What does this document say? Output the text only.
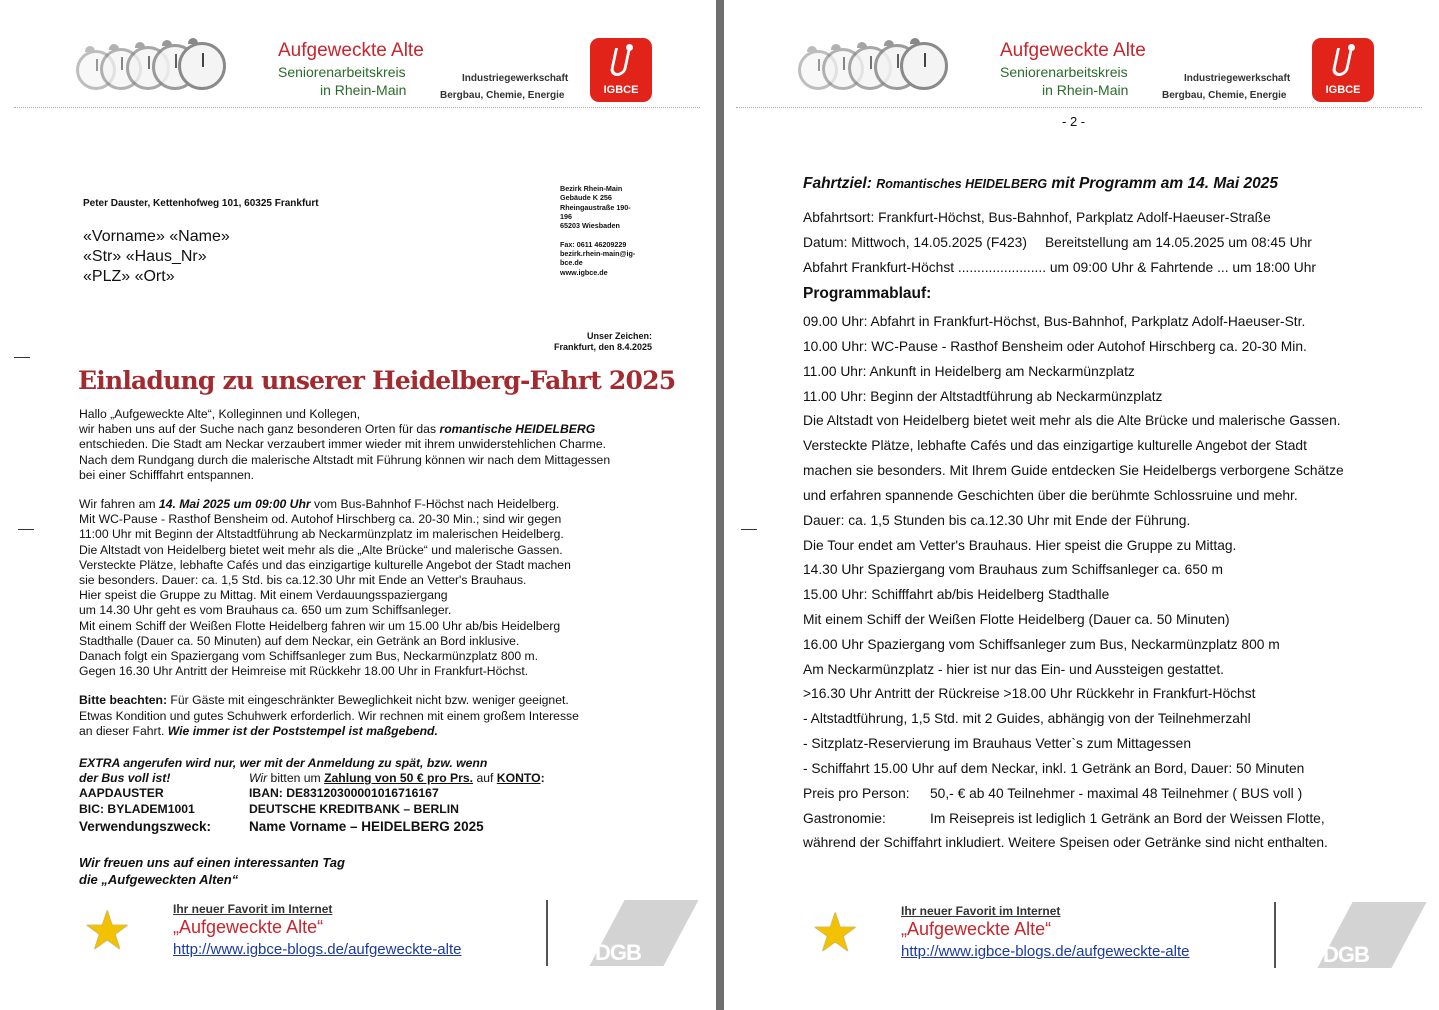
Aufgeweckte Alte
Seniorenarbeitskreis
in Rhein-Main
Industriegewerkschaft
Bergbau, Chemie, Energie	IGBCE
Peter Dauster, Kettenhofweg 101, 60325 Frankfurt
«Vorname» «Name»
«Str» «Haus_Nr»
«PLZ» «Ort»
Bezirk Rhein-Main
Gebäude K 256
Rheingaustraße 190-
196
65203 Wiesbaden
Fax: 0611 46209229
bezirk.rhein-main@ig-
bce.de
www.igbce.de
Unser Zeichen:
Frankfurt, den 8.4.2025
Einladung zu unserer Heidelberg-Fahrt 2025
Hallo „Aufgeweckte Alte“, Kolleginnen und Kollegen,
wir haben uns auf der Suche nach ganz besonderen Orten für das romantische HEIDELBERG
entschieden. Die Stadt am Neckar verzaubert immer wieder mit ihrem unwiderstehlichen Charme.
Nach dem Rundgang durch die malerische Altstadt mit Führung können wir nach dem Mittagessen
bei einer Schifffahrt entspannen.
Wir fahren am 14. Mai 2025 um 09:00 Uhr vom Bus-Bahnhof F-Höchst nach Heidelberg.
Mit WC-Pause - Rasthof Bensheim od. Autohof Hirschberg ca. 20-30 Min.; sind wir gegen
11:00 Uhr mit Beginn der Altstadtführung ab Neckarmünzplatz im malerischen Heidelberg.
Die Altstadt von Heidelberg bietet weit mehr als die „Alte Brücke“ und malerische Gassen.
Versteckte Plätze, lebhafte Cafés und das einzigartige kulturelle Angebot der Stadt machen
sie besonders. Dauer: ca. 1,5 Std. bis ca.12.30 Uhr mit Ende an Vetter's Brauhaus.
Hier speist die Gruppe zu Mittag. Mit einem Verdauungsspaziergang
um 14.30 Uhr geht es vom Brauhaus ca. 650 um zum Schiffsanleger.
Mit einem Schiff der Weißen Flotte Heidelberg fahren wir um 15.00 Uhr ab/bis Heidelberg
Stadthalle (Dauer ca. 50 Minuten) auf dem Neckar, ein Getränk an Bord inklusive.
Danach folgt ein Spaziergang vom Schiffsanleger zum Bus, Neckarmünzplatz 800 m.
Gegen 16.30 Uhr Antritt der Heimreise mit Rückkehr 18.00 Uhr in Frankfurt-Höchst.
Bitte beachten: Für Gäste mit eingeschränkter Beweglichkeit nicht bzw. weniger geeignet.
Etwas Kondition und gutes Schuhwerk erforderlich. Wir rechnen mit einem großem Interesse
an dieser Fahrt. Wie immer ist der Poststempel ist maßgebend.
EXTRA angerufen wird nur, wer mit der Anmeldung zu spät, bzw. wenn
der Bus voll ist!	Wir bitten um Zahlung von 50 € pro Prs. auf KONTO:
AAPDAUSTER	IBAN: DE83120300001016716167
BIC: BYLADEM1001	DEUTSCHE KREDITBANK – BERLIN
Verwendungszweck:	Name Vorname – HEIDELBERG 2025
Wir freuen uns auf einen interessanten Tag
die „Aufgeweckten Alten“
★	Ihr neuer Favorit im Internet
„Aufgeweckte Alte“
http://www.igbce-blogs.de/aufgeweckte-alte	DGB
Aufgeweckte Alte
Seniorenarbeitskreis
in Rhein-Main
Industriegewerkschaft
Bergbau, Chemie, Energie	IGBCE
- 2 -
Fahrtziel: Romantisches HEIDELBERG mit Programm am 14. Mai 2025
Abfahrtsort: Frankfurt-Höchst, Bus-Bahnhof, Parkplatz Adolf-Haeuser-Straße
Datum: Mittwoch, 14.05.2025 (F423) Bereitstellung am 14.05.2025 um 08:45 Uhr
Abfahrt Frankfurt-Höchst ....................... um 09:00 Uhr & Fahrtende ... um 18:00 Uhr
Programmablauf:
09.00 Uhr: Abfahrt in Frankfurt-Höchst, Bus-Bahnhof, Parkplatz Adolf-Haeuser-Str.
10.00 Uhr: WC-Pause - Rasthof Bensheim oder Autohof Hirschberg ca. 20-30 Min.
11.00 Uhr: Ankunft in Heidelberg am Neckarmünzplatz
11.00 Uhr: Beginn der Altstadtführung ab Neckarmünzplatz
Die Altstadt von Heidelberg bietet weit mehr als die Alte Brücke und malerische Gassen.
Versteckte Plätze, lebhafte Cafés und das einzigartige kulturelle Angebot der Stadt
machen sie besonders. Mit Ihrem Guide entdecken Sie Heidelbergs verborgene Schätze
und erfahren spannende Geschichten über die berühmte Schlossruine und mehr.
Dauer: ca. 1,5 Stunden bis ca.12.30 Uhr mit Ende der Führung.
Die Tour endet am Vetter's Brauhaus. Hier speist die Gruppe zu Mittag.
14.30 Uhr Spaziergang vom Brauhaus zum Schiffsanleger ca. 650 m
15.00 Uhr: Schifffahrt ab/bis Heidelberg Stadthalle
Mit einem Schiff der Weißen Flotte Heidelberg (Dauer ca. 50 Minuten)
16.00 Uhr Spaziergang vom Schiffsanleger zum Bus, Neckarmünzplatz 800 m
Am Neckarmünzplatz - hier ist nur das Ein- und Aussteigen gestattet.
>16.30 Uhr Antritt der Rückreise >18.00 Uhr Rückkehr in Frankfurt-Höchst
- Altstadtführung, 1,5 Std. mit 2 Guides, abhängig von der Teilnehmerzahl
- Sitzplatz-Reservierung im Brauhaus Vetter`s zum Mittagessen
- Schiffahrt 15.00 Uhr auf dem Neckar, inkl. 1 Getränk an Bord, Dauer: 50 Minuten
Preis pro Person: 50,- € ab 40 Teilnehmer - maximal 48 Teilnehmer ( BUS voll )
Gastronomie:	Im Reisepreis ist lediglich 1 Getränk an Bord der Weissen Flotte,
während der Schiffahrt inkludiert. Weitere Speisen oder Getränke sind nicht enthalten.
★	Ihr neuer Favorit im Internet
„Aufgeweckte Alte“
http://www.igbce-blogs.de/aufgeweckte-alte	DGB
